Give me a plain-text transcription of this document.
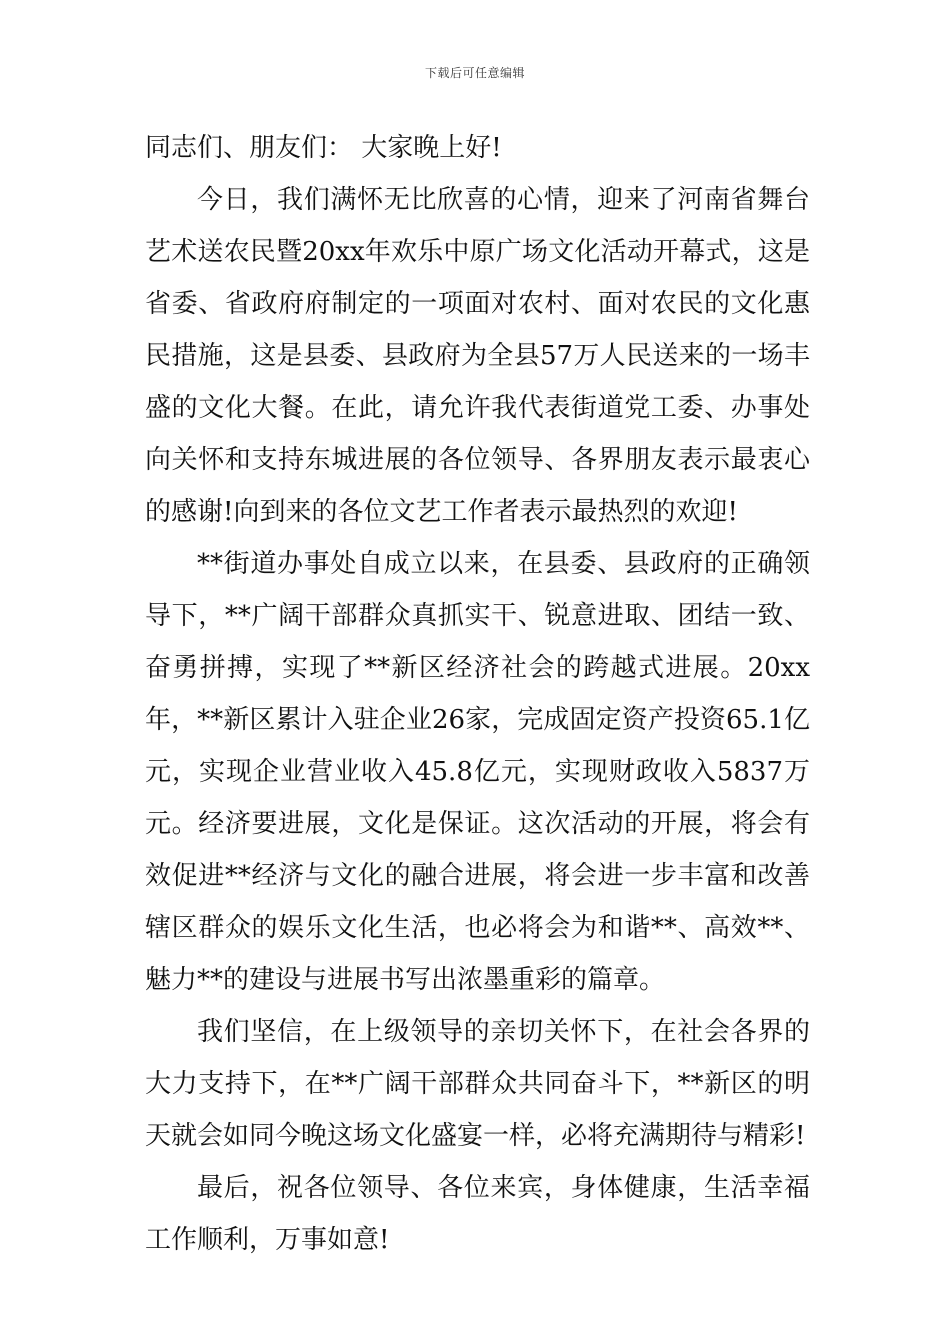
下载后可任意编辑

同志们、朋友们： 大家晚上好!

今日，我们满怀无比欣喜的心情，迎来了河南省舞台艺术送农民暨20xx年欢乐中原广场文化活动开幕式，这是省委、省政府府制定的一项面对农村、面对农民的文化惠民措施，这是县委、县政府为全县57万人民送来的一场丰盛的文化大餐。在此，请允许我代表街道党工委、办事处向关怀和支持东城进展的各位领导、各界朋友表示最衷心的感谢!向到来的各位文艺工作者表示最热烈的欢迎!

**街道办事处自成立以来，在县委、县政府的正确领导下，**广阔干部群众真抓实干、锐意进取、团结一致、奋勇拼搏，实现了**新区经济社会的跨越式进展。20xx年，**新区累计入驻企业26家，完成固定资产投资65.1亿元，实现企业营业收入45.8亿元，实现财政收入5837万元。经济要进展，文化是保证。这次活动的开展，将会有效促进**经济与文化的融合进展，将会进一步丰富和改善辖区群众的娱乐文化生活，也必将会为和谐**、高效**、魅力**的建设与进展书写出浓墨重彩的篇章。

我们坚信，在上级领导的亲切关怀下，在社会各界的大力支持下，在**广阔干部群众共同奋斗下，**新区的明天就会如同今晚这场文化盛宴一样，必将充满期待与精彩!

最后，祝各位领导、各位来宾，身体健康，生活幸福工作顺利，万事如意!
